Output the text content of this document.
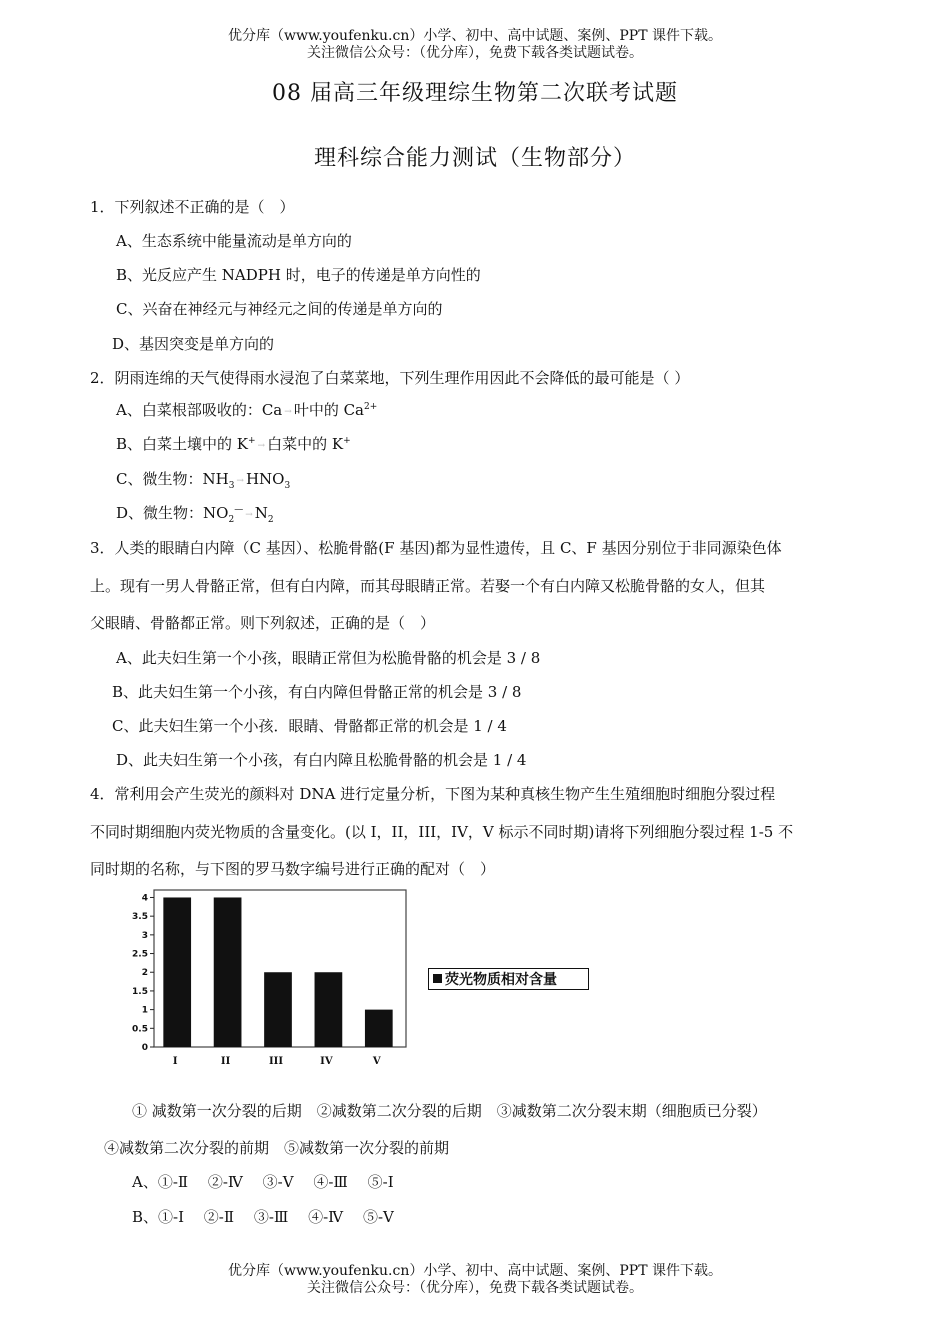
优分库（www.youfenku.cn）小学、初中、高中试题、案例、PPT 课件下载。
关注微信公众号：（优分库），免费下载各类试题试卷。
08 届高三年级理综生物第二次联考试题
理科综合能力测试（生物部分）
1．下列叙述不正确的是（　）
A、生态系统中能量流动是单方向的
B、光反应产生 NADPH 时，电子的传递是单方向性的
C、兴奋在神经元与神经元之间的传递是单方向的
D、基因突变是单方向的
2．阴雨连绵的天气使得雨水浸泡了白菜菜地，下列生理作用因此不会降低的最可能是（ ）
A、白菜根部吸收的：Ca → 叶中的 $Ca^{2+}$
B、白菜土壤中的 K+ → 白菜中的 K+
C、微生物：$NH_3 \to HNO_3$
D、微生物：$NO_2^— \to N_2$
3．人类的眼睛白内障（C 基因）、松脆骨骼(F 基因)都为显性遗传，且 C、F 基因分别位于非同源染色体
上。现有一男人骨骼正常，但有白内障，而其母眼睛正常。若娶一个有白内障又松脆骨骼的女人，但其
父眼睛、骨骼都正常。则下列叙述，正确的是（　）
A、此夫妇生第一个小孩，眼睛正常但为松脆骨骼的机会是 3 / 8
B、此夫妇生第一个小孩，有白内障但骨骼正常的机会是 3 / 8
C、此夫妇生第一个小孩．眼睛、骨骼都正常的机会是 1 / 4
D、此夫妇生第一个小孩，有白内障且松脆骨骼的机会是 1 / 4
4．常利用会产生荧光的颜料对 DNA 进行定量分析，下图为某种真核生物产生生殖细胞时细胞分裂过程
不同时期细胞内荧光物质的含量变化。(以 I，II，III，IV，V 标示不同时期)请将下列细胞分裂过程 1-5 不
同时期的名称，与下图的罗马数字编号进行正确的配对（　）
0
0.5
1
1.5
2
2.5
3
3.5
4
I	II	III	IV	V
荧光物质相对含量
① 减数第一次分裂的后期　②减数第二次分裂的后期　③减数第二次分裂末期（细胞质已分裂）
④减数第二次分裂的前期　⑤减数第一次分裂的前期
A、①-Ⅱ　 ②-Ⅳ　 ③-Ⅴ　 ④-Ⅲ　 ⑤-I
B、①-I　 ②-Ⅱ　 ③-Ⅲ　 ④-Ⅳ　 ⑤-Ⅴ
优分库（www.youfenku.cn）小学、初中、高中试题、案例、PPT 课件下载。
关注微信公众号：（优分库），免费下载各类试题试卷。
